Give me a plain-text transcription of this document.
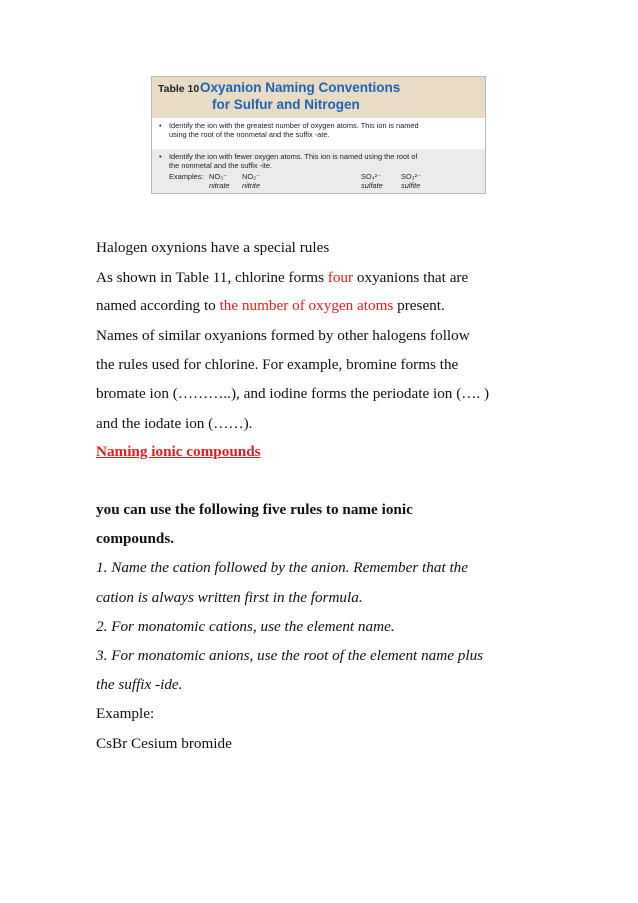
Table 10 Oxyanion Naming Conventions
for Sulfur and Nitrogen
• Identify the ion with the greatest number of oxygen atoms. This ion is named
using the root of the nonmetal and the suffix -ate.
• Identify the ion with fewer oxygen atoms. This ion is named using the root of
the nonmetal and the suffix -ite.
Examples: NO₃⁻
nitrate
NO₂⁻
nitrite
SO₄²⁻
sulfate
SO₃²⁻
sulfite
Halogen oxynions have a special rules
As shown in Table 11, chlorine forms four oxyanions that are
named according to the number of oxygen atoms present.
Names of similar oxyanions formed by other halogens follow
the rules used for chlorine. For example, bromine forms the
bromate ion (………..), and iodine forms the periodate ion (…. )
and the iodate ion (……).
Naming ionic compounds
you can use the following five rules to name ionic
compounds.
1. Name the cation followed by the anion. Remember that the
cation is always written first in the formula.
2. For monatomic cations, use the element name.
3. For monatomic anions, use the root of the element name plus
the suffix -ide.
Example:
CsBr Cesium bromide
